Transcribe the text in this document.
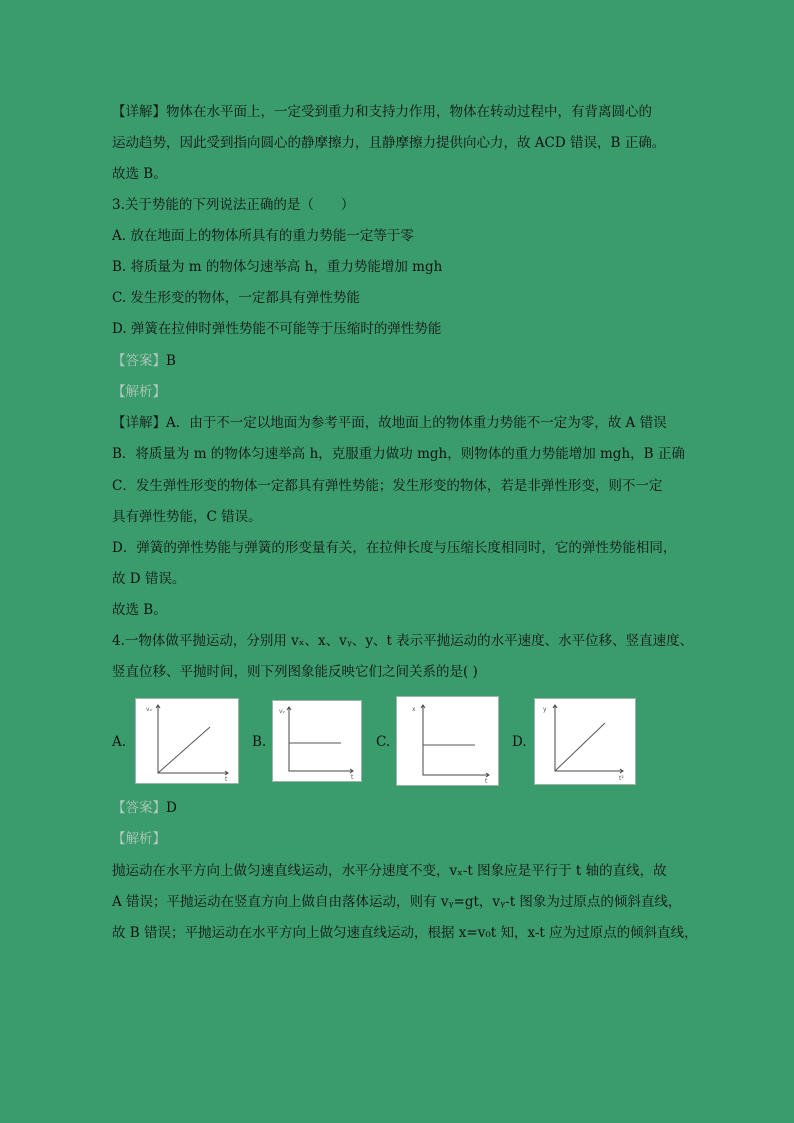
【详解】物体在水平面上，一定受到重力和支持力作用，物体在转动过程中，有背离圆心的
运动趋势，因此受到指向圆心的静摩擦力，且静摩擦力提供向心力，故 ACD 错误，B 正确。
故选 B。
3.关于势能的下列说法正确的是（　　）
A. 放在地面上的物体所具有的重力势能一定等于零
B. 将质量为 m 的物体匀速举高 h，重力势能增加 mgh
C. 发生形变的物体，一定都具有弹性势能
D. 弹簧在拉伸时弹性势能不可能等于压缩时的弹性势能
【答案】B
【解析】
【详解】A．由于不一定以地面为参考平面，故地面上的物体重力势能不一定为零，故 A 错误
B．将质量为 m 的物体匀速举高 h，克服重力做功 mgh，则物体的重力势能增加 mgh，B 正确
C．发生弹性形变的物体一定都具有弹性势能；发生形变的物体，若是非弹性形变，则不一定
具有弹性势能，C 错误。
D．弹簧的弹性势能与弹簧的形变量有关，在拉伸长度与压缩长度相同时，它的弹性势能相同，
故 D 错误。
故选 B。
4.一物体做平抛运动，分别用 vₓ、x、vᵧ、y、t 表示平抛运动的水平速度、水平位移、竖直速度、
竖直位移、平抛时间，则下列图象能反映它们之间关系的是( )
A.
vₓ
t
B.
vᵧ
t
C.
x
t
D.
y
t²
【答案】D
【解析】
抛运动在水平方向上做匀速直线运动，水平分速度不变，vₓ-t 图象应是平行于 t 轴的直线，故
A 错误；平抛运动在竖直方向上做自由落体运动，则有 vᵧ=gt，vᵧ-t 图象为过原点的倾斜直线，
故 B 错误；平抛运动在水平方向上做匀速直线运动，根据 x=v₀t 知，x-t 应为过原点的倾斜直线，
